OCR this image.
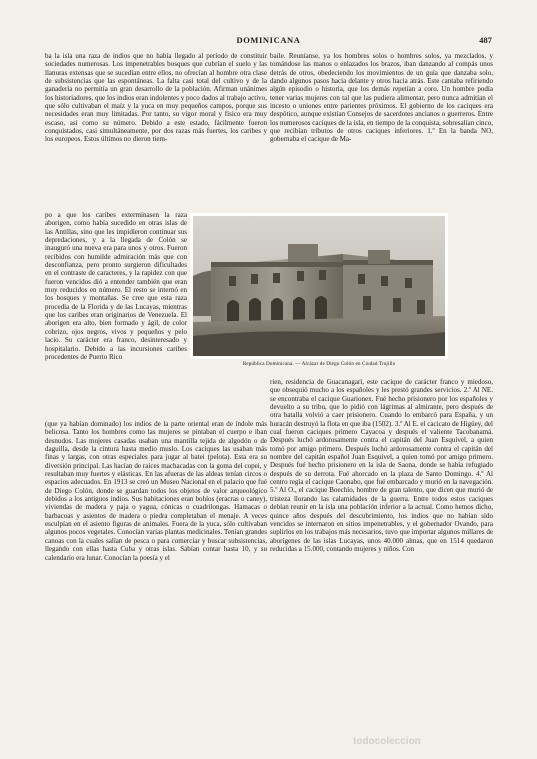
DOMINICANA	487

ba la isla una raza de indios que no había llegado al período de constituir sociedades numerosas. Los impenetrables bosques que cubrían el suelo y las llanuras extensas que se sucedían entre ellos, no ofrecían al hombre otra clase de subsistencias que las espontáneas. La falta casi total del cultivo y de la ganadería no permitía un gran desarrollo de la población. Afirman unánimes los historiadores, que los indios eran indolentes y poco dados al trabajo activo, que sólo cultivaban el maíz y la yuca en muy pequeños campos, porque sus necesidades eran muy limitadas. Por tanto, su vigor moral y físico era muy escaso, así como su número. Debido a este estado, fácilmente fueron conquistados, casi simultáneamente, por dos razas más fuertes, los caribes y los europeos. Estos últimos no dieron tiem-

po a que los caribes exterminasen la raza aborigen, como había sucedido en otras islas de las Antillas, sino que les impidieron continuar sus depredaciones, y a la llegada de Colón se inauguró una nueva era para unos y otros. Fueron recibidos con humilde admiración más que con desconfianza, pero pronto surgieron dificultades en el contraste de caracteres, y la rapidez con que fueron vencidos dió a entender también que eran muy reducidos en número. El resto se internó en los bosques y montañas. Se cree que esta raza procedía de la Florida y de las Lucayas, mientras que los caribes eran originarios de Venezuela. El aborigen era alto, bien formado y ágil, de color cobrizo, ojos negros, vivos y pequeños y pelo lacio. Su carácter era franco, desinteresado y hospitalario. Debido a las incursiones caribes procedentes de Puerto Rico

(que ya habían dominado) los indios de la parte oriental eran de índole más belicosa. Tanto los hombres como las mujeres se pintaban el cuerpo e iban desnudos. Las mujeres casadas usaban una mantilla tejida de algodón o de daguilla, desde la cintura hasta medio muslo. Los caciques las usaban más finas y largas, con otras especiales para jugar al batei (pelota). Esta era su diversión principal. Las hacían de raíces machacadas con la goma del copei, y resultaban muy fuertes y elásticas. En las afueras de las aldeas tenían circos o espacios adecuados. En 1913 se creó un Museo Nacional en el palacio que fué de Diego Colón, donde se guardan todos los objetos de valor arqueológico debidos a los antiguos indios. Sus habitaciones eran bohíos (eracras o caney), viviendas de madera y paja o yagua, cónicas o cuadrilongas. Hamacas o barbacoas y asientos de madera o piedra completaban el menaje. A veces esculpían en el asiento figuras de animales. Fuera de la yuca, sólo cultivaban algunos pocos vegetales. Conocían varias plantas medicinales. Tenían grandes canoas con la cuales salían de pesca o para comerciar y buscar subsistencias, llegando con ellas hasta Cuba y otras islas. Sabían contar hasta 10, y su calendario era lunar. Conocían la poesía y el

baile. Reuníanse, ya los hombres solos o hombres solos, ya mezclados, y tomándose las manos o enlazados los brazos, iban danzando al compás unos detrás de otros, obedeciendo los movimientos de un guía que danzaba solo, dando algunos pasos hacia delante y otros hacia atrás. Este cantaba refiriendo algún episodio o historia, que los demás repetían a coro. Un hombre podía tener varias mujeres con tal que las pudiera alimentar, pero nunca admitían el incesto o uniones entre parientes próximos. El gobierno de los caciques era despótico, aunque existían Consejos de sacerdotes ancianos o guerreros. Entre los numerosos caciques de la isla, en tiempo de la conquista, sobresalían cinco, que recibían tributos de otros caciques inferiores. 1.º En la banda NO, gobernaba el cacique de Ma-

rien, residencia de Guacanagarí, este cacique de carácter franco y miedoso, que obsequió mucho a los españoles y les prestó grandes servicios. 2.º Al NE. se encontraba el cacique Guarionex. Fué hecho prisionero por los españoles y devuelto a su tribu, que lo pidió con lágrimas al almirante, pero después de otra batalla volvió a caer prisionero. Cuando lo embarcó para España, y un huracán destruyó la flota en que iba (1502). 3.º Al E. el cacicato de Higüey, del cual fueron caciques primero Cayacoa y después el valiente Tacobanamá. Después luchó ardorosamente contra el capitán del Juan Esquivel, a quien tomó por amigo primero. Después luchó ardorosamente contra el capitán del nombre del capitán español Juan Esquivel, a quien tomó por amigo primero. Después fué hecho prisionero en la isla de Saona, donde se había refugiado después de su derrota. Fué ahorcado en la plaza de Santo Domingo. 4.º Al centro regía el cacique Caonabo, que fué embarcado y murió en la navegación. 5.º Al O., el cacique Boechío, hombre de gran talento, que dicen que murió de tristeza llorando las calamidades de la guerra. Entre todos estos caciques debían reunir en la isla una población inferior a la actual. Como hemos dicho, quince años después del descubrimiento, los indios que no habían sido vencidos se internaron en sitios impenetrables, y el gobernador Ovando, para suplirlos en los trabajos más necesarios, tuvo que importar algunos millares de aborígenes de las islas Lucayas, unos 40.000 almas, que en 1514 quedaron reducidas a 15.000, contando mujeres y niños. Con

República Dominicana. — Alcázar de Diego Colón en Ciudad Trujillo
todocoleccion
